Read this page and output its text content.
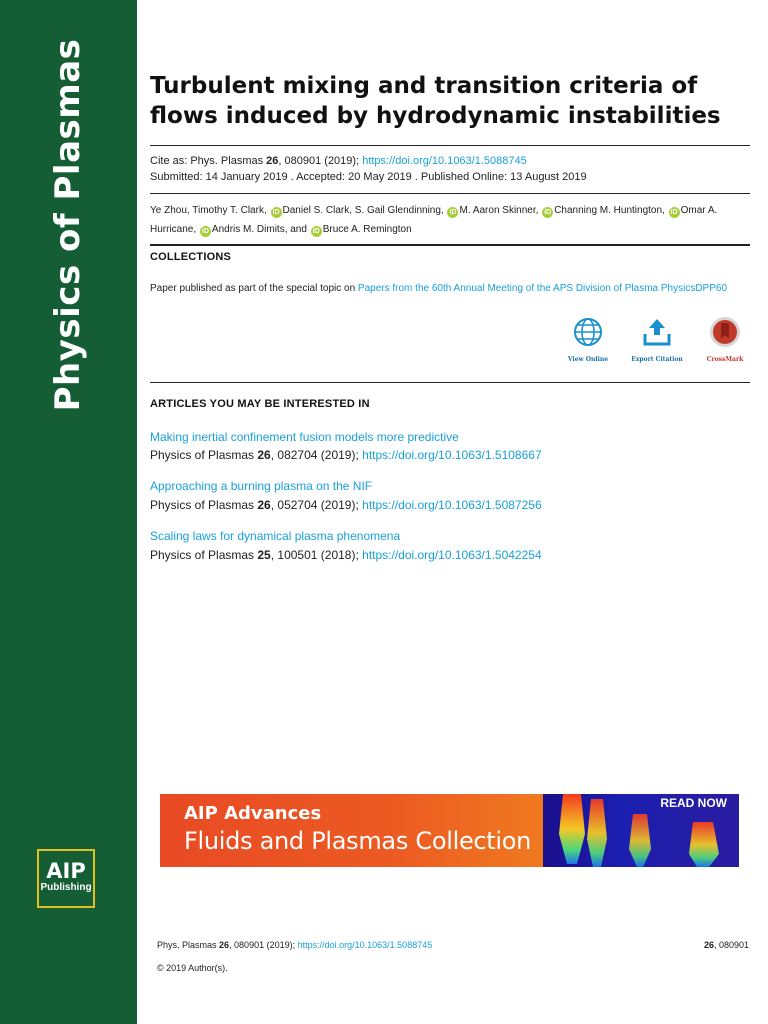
Physics of Plasmas
AIP
Publishing
Turbulent mixing and transition criteria of flows induced by hydrodynamic instabilities
Cite as: Phys. Plasmas 26, 080901 (2019); https://doi.org/10.1063/1.5088745
Submitted: 14 January 2019 . Accepted: 20 May 2019 . Published Online: 13 August 2019
Ye Zhou, Timothy T. Clark, iD Daniel S. Clark, S. Gail Glendinning, iD M. Aaron Skinner, iD Channing M. Huntington, iD Omar A. Hurricane, iD Andris M. Dimits, and iD Bruce A. Remington
COLLECTIONS
Paper published as part of the special topic on Papers from the 60th Annual Meeting of the APS Division of Plasma PhysicsDPP60
View Online	Export Citation	CrossMark
ARTICLES YOU MAY BE INTERESTED IN
Making inertial confinement fusion models more predictive
Physics of Plasmas 26, 082704 (2019); https://doi.org/10.1063/1.5108667
Approaching a burning plasma on the NIF
Physics of Plasmas 26, 052704 (2019); https://doi.org/10.1063/1.5087256
Scaling laws for dynamical plasma phenomena
Physics of Plasmas 25, 100501 (2018); https://doi.org/10.1063/1.5042254
AIP Advances
Fluids and Plasmas Collection
READ NOW
Phys. Plasmas 26, 080901 (2019); https://doi.org/10.1063/1.5088745	26, 080901
© 2019 Author(s).
